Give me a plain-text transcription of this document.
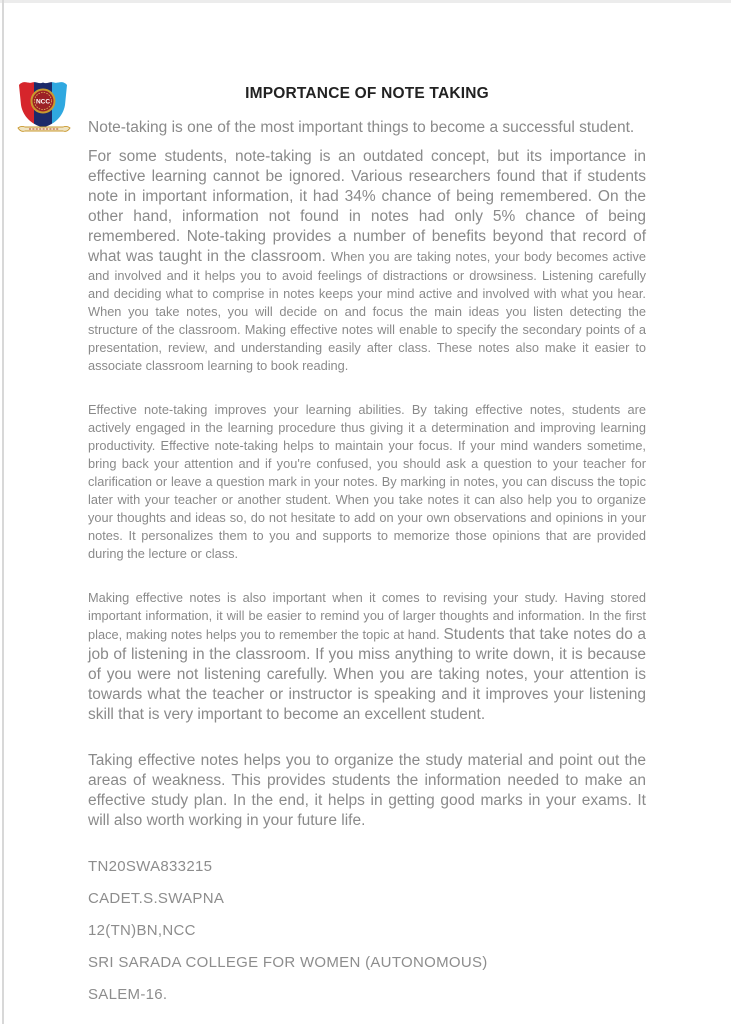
NCC	IMPORTANCE OF NOTE TAKING

Note-taking is one of the most important things to become a successful student.

For some students, note-taking is an outdated concept, but its importance in effective learning cannot be ignored. Various researchers found that if students note in important information, it had 34% chance of being remembered. On the other hand, information not found in notes had only 5% chance of being remembered. Note-taking provides a number of benefits beyond that record of what was taught in the classroom. When you are taking notes, your body becomes active and involved and it helps you to avoid feelings of distractions or drowsiness. Listening carefully and deciding what to comprise in notes keeps your mind active and involved with what you hear. When you take notes, you will decide on and focus the main ideas you listen detecting the structure of the classroom. Making effective notes will enable to specify the secondary points of a presentation, review, and understanding easily after class. These notes also make it easier to associate classroom learning to book reading.

Effective note-taking improves your learning abilities. By taking effective notes, students are actively engaged in the learning procedure thus giving it a determination and improving learning productivity. Effective note-taking helps to maintain your focus. If your mind wanders sometime, bring back your attention and if you're confused, you should ask a question to your teacher for clarification or leave a question mark in your notes. By marking in notes, you can discuss the topic later with your teacher or another student. When you take notes it can also help you to organize your thoughts and ideas so, do not hesitate to add on your own observations and opinions in your notes. It personalizes them to you and supports to memorize those opinions that are provided during the lecture or class.

Making effective notes is also important when it comes to revising your study. Having stored important information, it will be easier to remind you of larger thoughts and information. In the first place, making notes helps you to remember the topic at hand. Students that take notes do a job of listening in the classroom. If you miss anything to write down, it is because of you were not listening carefully. When you are taking notes, your attention is towards what the teacher or instructor is speaking and it improves your listening skill that is very important to become an excellent student.

Taking effective notes helps you to organize the study material and point out the areas of weakness. This provides students the information needed to make an effective study plan. In the end, it helps in getting good marks in your exams. It will also worth working in your future life.

TN20SWA833215
CADET.S.SWAPNA
12(TN)BN,NCC
SRI SARADA COLLEGE FOR WOMEN (AUTONOMOUS)
SALEM-16.
